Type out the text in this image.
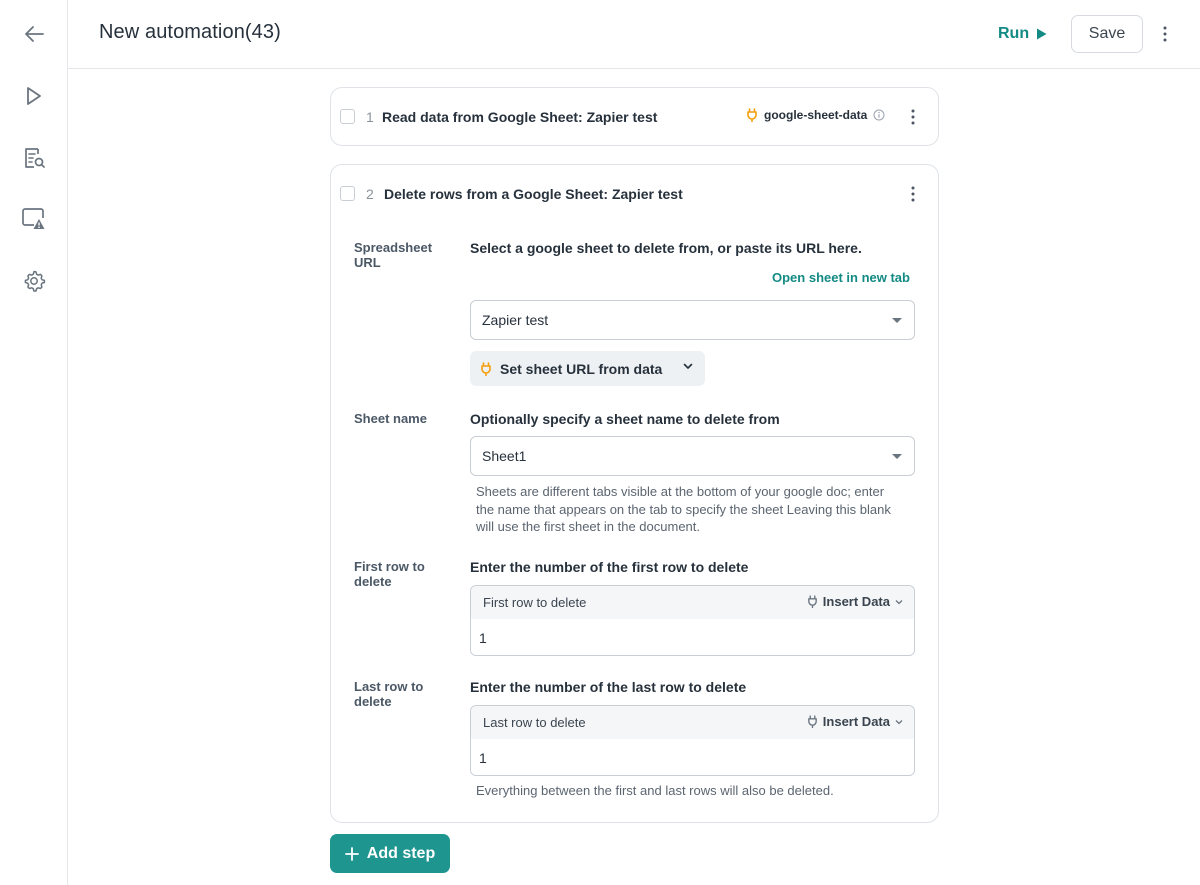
New automation(43)	Run	Save
1 Read data from Google Sheet: Zapier test	google-sheet-data
2 Delete rows from a Google Sheet: Zapier test
Spreadsheet URL
Select a google sheet to delete from, or paste its URL here.
Open sheet in new tab
Zapier test
Set sheet URL from data
Sheet name	Optionally specify a sheet name to delete from
Sheet1
Sheets are different tabs visible at the bottom of your google doc; enter
the name that appears on the tab to specify the sheet Leaving this blank
will use the first sheet in the document.
First row to delete
Enter the number of the first row to delete
First row to delete	Insert Data
1
Last row to delete
Enter the number of the last row to delete
Last row to delete	Insert Data
1
Everything between the first and last rows will also be deleted.
Add step
